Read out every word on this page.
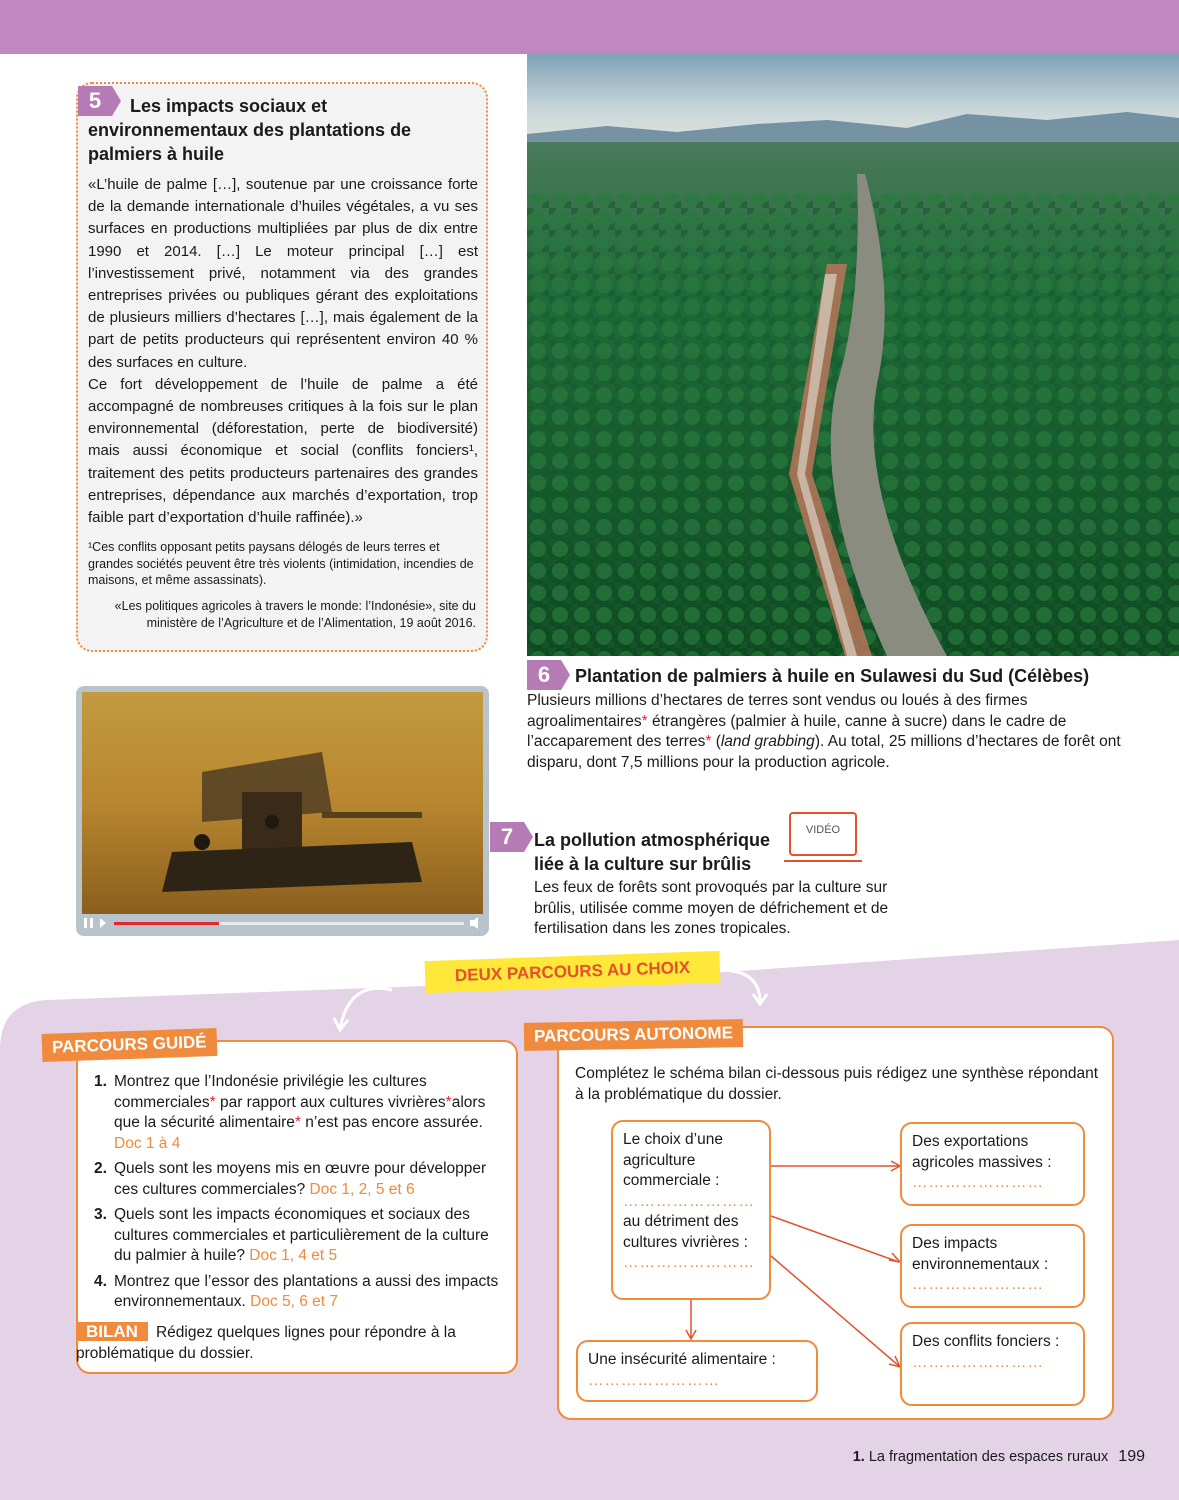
5	Les impacts sociaux et environnementaux des plantations de palmiers à huile

«L’huile de palme […], soutenue par une croissance forte de la demande internationale d’huiles végétales, a vu ses surfaces en productions multipliées par plus de dix entre 1990 et 2014. […] Le moteur principal […] est l’investissement privé, notamment via des grandes entreprises privées ou publiques gérant des exploitations de plusieurs milliers d’hectares […], mais également de la part de petits producteurs qui représentent environ 40 % des surfaces en culture.

Ce fort développement de l’huile de palme a été accompagné de nombreuses critiques à la fois sur le plan environnemental (déforestation, perte de biodiversité) mais aussi économique et social (conflits fonciers¹, traitement des petits producteurs partenaires des grandes entreprises, dépendance aux marchés d’exportation, trop faible part d’exportation d’huile raffinée).»

¹Ces conflits opposant petits paysans délogés de leurs terres et grandes sociétés peuvent être très violents (intimidation, incendies de maisons, et même assassinats).
«Les politiques agricoles à travers le monde: l’Indonésie», site du ministère de l’Agriculture et de l’Alimentation, 19 août 2016.
6	Plantation de palmiers à huile en Sulawesi du Sud (Célèbes)
Plusieurs millions d’hectares de terres sont vendus ou loués à des firmes agroalimentaires* étrangères (palmier à huile, canne à sucre) dans le cadre de l’accaparement des terres* (land grabbing). Au total, 25 millions d’hectares de forêt ont disparu, dont 7,5 millions pour la production agricole.
7	La pollution atmosphérique liée à la culture sur brûlis
Les feux de forêts sont provoqués par la culture sur brûlis, utilisée comme moyen de défrichement et de fertilisation dans les zones tropicales.
VIDÉO
DEUX PARCOURS AU CHOIX
1. Montrez que l’Indonésie privilégie les cultures commerciales* par rapport aux cultures vivrières*alors que la sécurité alimentaire* n’est pas encore assurée. Doc 1 à 4
2. Quels sont les moyens mis en œuvre pour développer ces cultures commerciales? Doc 1, 2, 5 et 6
3. Quels sont les impacts économiques et sociaux des cultures commerciales et particulièrement de la culture du palmier à huile? Doc 1, 4 et 5
4. Montrez que l’essor des plantations a aussi des impacts environnementaux. Doc 5, 6 et 7
BILAN Rédigez quelques lignes pour répondre à la problématique du dossier.
PARCOURS GUIDÉ
Complétez le schéma bilan ci-dessous puis rédigez une synthèse répondant à la problématique du dossier.
Le choix d’une agriculture commerciale :
……………………
au détriment des cultures vivrières :
……………………
Une insécurité alimentaire :
……………………
Des exportations agricoles massives :
……………………
Des impacts environnementaux :
……………………
Des conflits fonciers :
……………………
PARCOURS AUTONOME
1. La fragmentation des espaces ruraux 199
